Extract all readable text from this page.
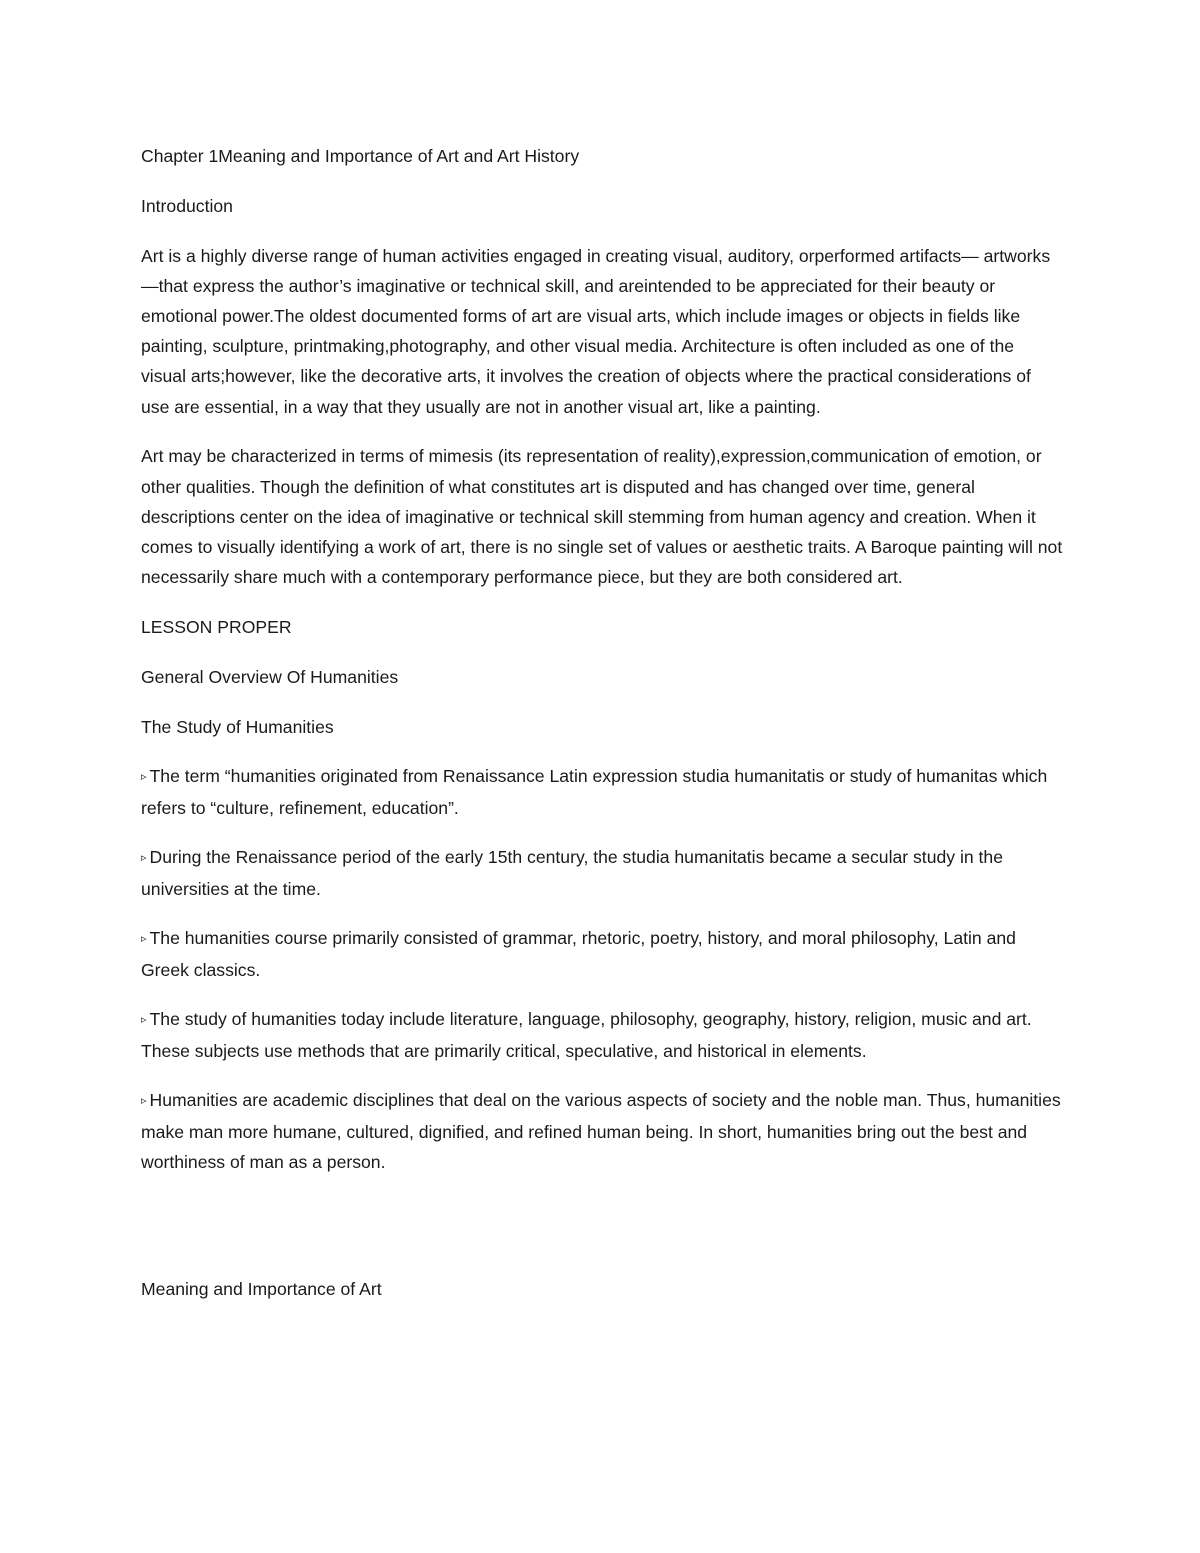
Chapter 1Meaning and Importance of Art and Art History

Introduction

Art is a highly diverse range of human activities engaged in creating visual, auditory, orperformed artifacts— artworks—that express the author’s imaginative or technical skill, and areintended to be appreciated for their beauty or emotional power.The oldest documented forms of art are visual arts, which include images or objects in fields like painting, sculpture, printmaking,photography, and other visual media. Architecture is often included as one of the visual arts;however, like the decorative arts, it involves the creation of objects where the practical considerations of use are essential, in a way that they usually are not in another visual art, like a painting.

Art may be characterized in terms of mimesis (its representation of reality),expression,communication of emotion, or other qualities. Though the definition of what constitutes art is disputed and has changed over time, general descriptions center on the idea of imaginative or technical skill stemming from human agency and creation. When it comes to visually identifying a work of art, there is no single set of values or aesthetic traits. A Baroque painting will not necessarily share much with a contemporary performance piece, but they are both considered art.

LESSON PROPER

General Overview Of Humanities

The Study of Humanities

▹ The term “humanities originated from Renaissance Latin expression studia humanitatis or study of humanitas which refers to “culture, refinement, education”.

▹ During the Renaissance period of the early 15th century, the studia humanitatis became a secular study in the universities at the time.

▹ The humanities course primarily consisted of grammar, rhetoric, poetry, history, and moral philosophy, Latin and Greek classics.

▹ The study of humanities today include literature, language, philosophy, geography, history, religion, music and art. These subjects use methods that are primarily critical, speculative, and historical in elements.

▹ Humanities are academic disciplines that deal on the various aspects of society and the noble man. Thus, humanities make man more humane, cultured, dignified, and refined human being. In short, humanities bring out the best and worthiness of man as a person.

Meaning and Importance of Art
